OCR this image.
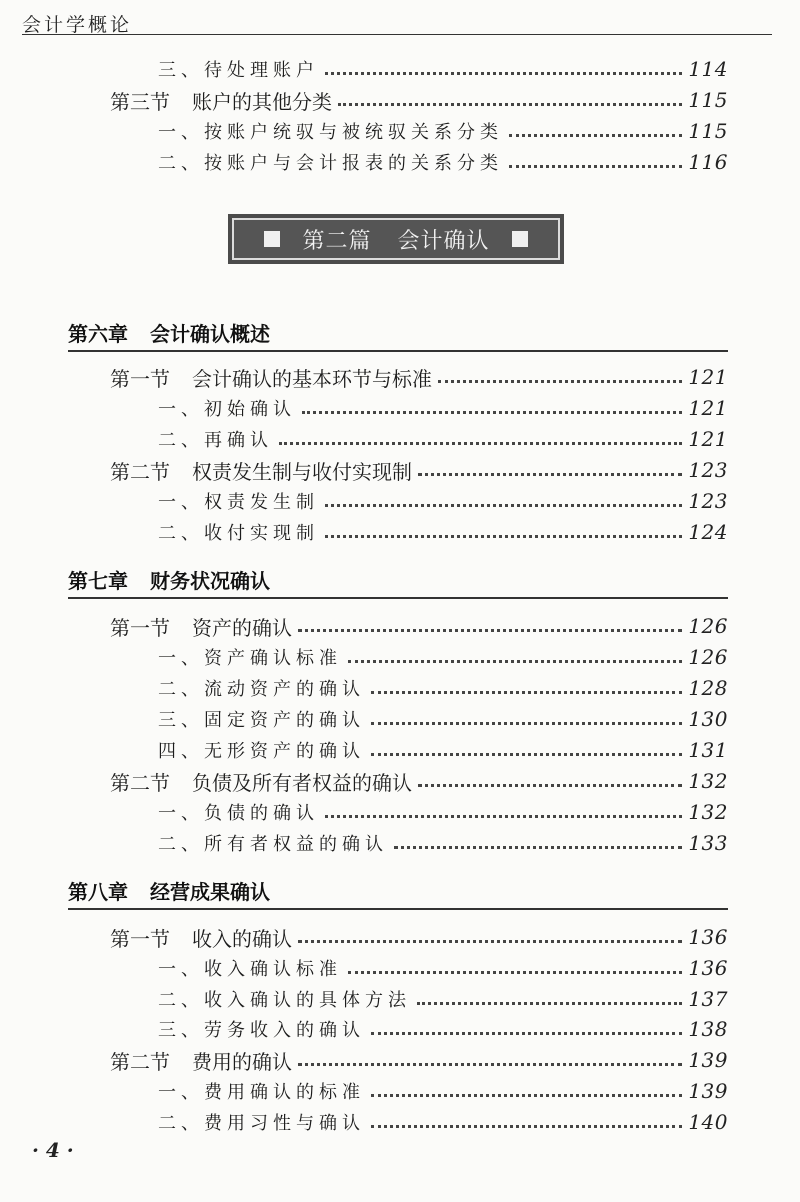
会计学概论
三、待处理账户	114
第三节 账户的其他分类	115
一、按账户统驭与被统驭关系分类	115
二、按账户与会计报表的关系分类	116
第二篇 会计确认
第六章 会计确认概述
第一节 会计确认的基本环节与标准	121
一、初始确认	121
二、再确认	121
第二节 权责发生制与收付实现制	123
一、权责发生制	123
二、收付实现制	124
第七章 财务状况确认
第一节 资产的确认	126
一、资产确认标准	126
二、流动资产的确认	128
三、固定资产的确认	130
四、无形资产的确认	131
第二节 负债及所有者权益的确认	132
一、负债的确认	132
二、所有者权益的确认	133
第八章 经营成果确认
第一节 收入的确认	136
一、收入确认标准	136
二、收入确认的具体方法	137
三、劳务收入的确认	138
第二节 费用的确认	139
一、费用确认的标准	139
二、费用习性与确认	140
· 4 ·
